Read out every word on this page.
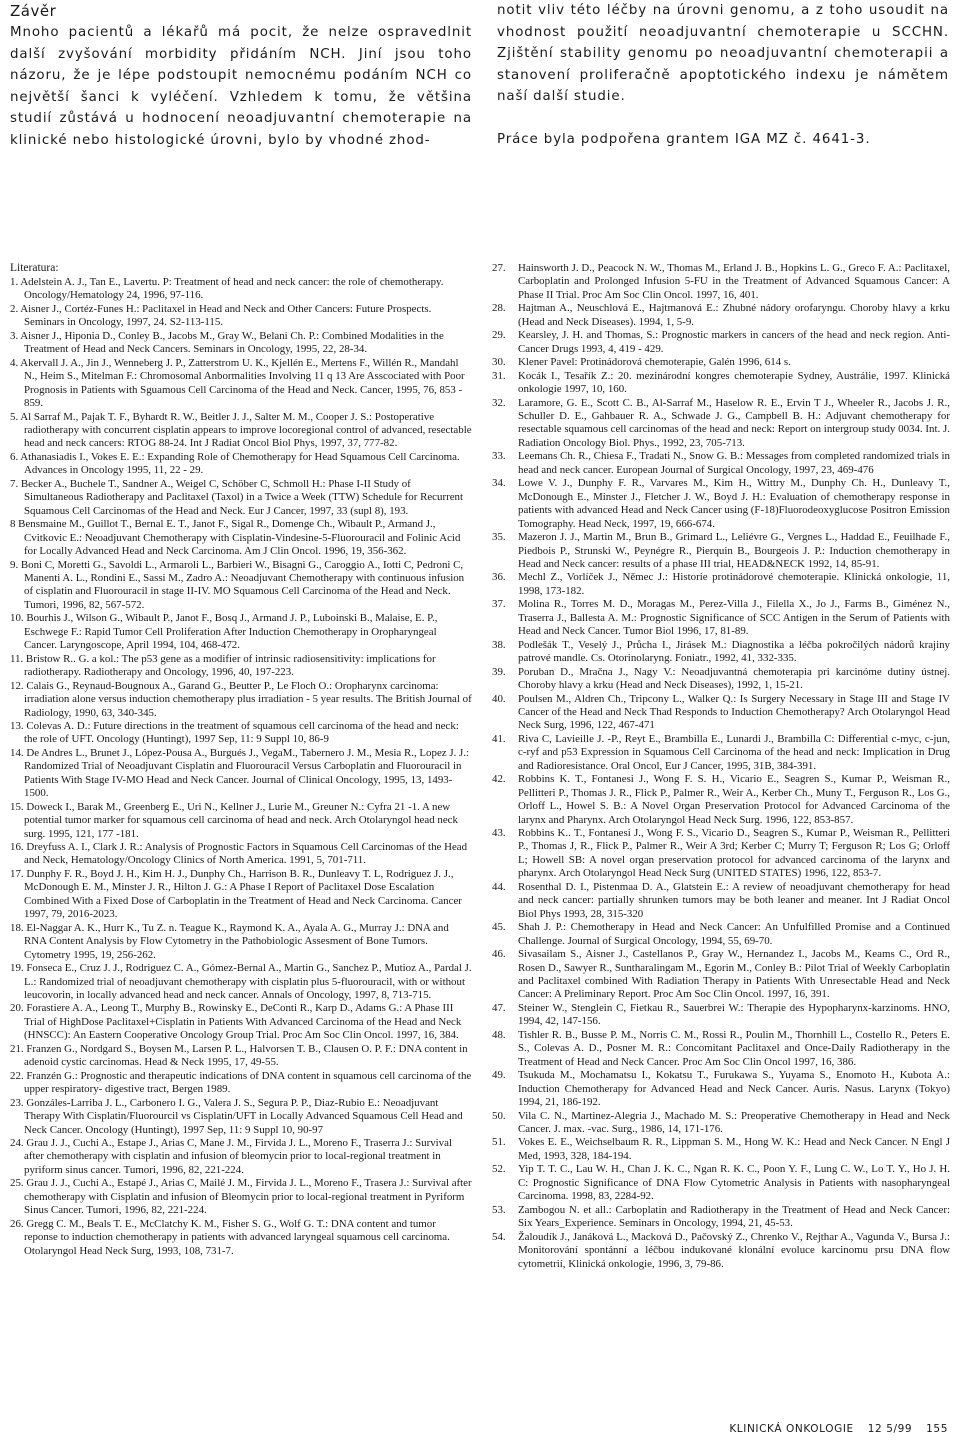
Závěr

Mnoho pacientů a lékařů má pocit, že nelze ospravedlnit další zvyšování morbidity přidáním NCH. Jiní jsou toho názoru, že je lépe podstoupit nemocnému podáním NCH co největší šanci k vyléčení. Vzhledem k tomu, že většina studií zůstává u hodnocení neoadjuvantní chemoterapie na klinické nebo histologické úrovni, bylo by vhodné zhod-

notit vliv této léčby na úrovni genomu, a z toho usoudit na vhodnost použití neoadjuvantní chemoterapie u SCCHN. Zjištění stability genomu po neoadjuvantní chemoterapii a stanovení proliferačně apoptotického indexu je námětem naší další studie.

Práce byla podpořena grantem IGA MZ č. 4641-3.

Literatura:
1. Adelstein A. J., Tan E., Lavertu. P: Treatment of head and neck cancer: the role of chemotherapy. Oncology/Hematology 24, 1996, 97-116.
2. Aisner J., Cortéz-Funes H.: Paclitaxel in Head and Neck and Other Cancers: Future Prospects. Seminars in Oncology, 1997, 24. S2-113-115.
3. Aisner J., Hiponia D., Conley B., Jacobs M., Gray W., Belani Ch. P.: Combined Modalities in the Treatment of Head and Neck Cancers. Seminars in Oncology, 1995, 22, 28-34.
4. Akervall J. A., Jin J., Wenneberg J. P., Zatterstrom U. K., Kjellén E., Mertens F., Willén R., Mandahl N., Heim S., Mitelman F.: Chromosomal Anbormalities Involving 11 q 13 Are Asscociated with Poor Prognosis in Patients with Sguamous Cell Carcinoma of the Head and Neck. Cancer, 1995, 76, 853 - 859.
5. Al Sarraf M., Pajak T. F., Byhardt R. W., Beitler J. J., Salter M. M., Cooper J. S.: Postoperative radiotherapy with concurrent cisplatin appears to improve locoregional control of advanced, resectable head and neck cancers: RTOG 88-24. Int J Radiat Oncol Biol Phys, 1997, 37, 777-82.
6. Athanasiadis I., Vokes E. E.: Expanding Role of Chemotherapy for Head Squamous Cell Carcinoma. Advances in Oncology 1995, 11, 22 - 29.
7. Becker A., Buchele T., Sandner A., Weigel C, Schöber C, Schmoll H.: Phase I-II Study of Simultaneous Radiotherapy and Paclitaxel (Taxol) in a Twice a Week (TTW) Schedule for Recurrent Squamous Cell Carcinomas of the Head and Neck. Eur J Cancer, 1997, 33 (supl 8), 193.
8 Bensmaine M., Guillot T., Bernal E. T., Janot F., Sigal R., Domenge Ch., Wibault P., Armand J., Cvitkovic E.: Neoadjuvant Chemotherapy with Cisplatin-Vindesine-5-Fluorouracil and Folinic Acid for Locally Advanced Head and Neck Carcinoma. Am J Clin Oncol. 1996, 19, 356-362.
9. Boni C, Moretti G., Savoldi L., Armaroli L., Barbieri W., Bisagni G., Caroggio A., Iotti C, Pedroni C, Manenti A. L., Rondini E., Sassi M., Zadro A.: Neoadjuvant Chemotherapy with continuous infusion of cisplatin and Fluorouracil in stage II-IV. MO Squamous Cell Carcinoma of the Head and Neck. Tumori, 1996, 82, 567-572.
10. Bourhis J., Wilson G., Wibault P., Janot F., Bosq J., Armand J. P., Luboinski B., Malaise, E. P., Eschwege F.: Rapid Tumor Cell Proliferation After Induction Chemotherapy in Oropharyngeal Cancer. Laryngoscope, April 1994, 104, 468-472.
11. Bristow R.. G. a kol.: The p53 gene as a modifier of intrinsic radiosensitivity: implications for radiotherapy. Radiotherapy and Oncology, 1996, 40, 197-223.
12. Calais G., Reynaud-Bougnoux A., Garand G., Beutter P., Le Floch O.: Oropharynx carcinoma: irradiation alone versus induction chemotherapy plus irradiation - 5 year results. The British Journal of Radiology, 1990, 63, 340-345.
13. Colevas A. D.: Future directions in the treatment of squamous cell carcinoma of the head and neck: the role of UFT. Oncology (Huntingt), 1997 Sep, 11: 9 Suppl 10, 86-9
14. De Andres L., Brunet J., López-Pousa A., Burgués J., VegaM., Tabernero J. M., Mesia R., Lopez J. J.: Randomized Trial of Neoadjuvant Cisplatin and Fluorouracil Versus Carboplatin and Fluorouracil in Patients With Stage IV-MO Head and Neck Cancer. Journal of Clinical Oncology, 1995, 13, 1493-1500.
15. Doweck I., Barak M., Greenberg E., Uri N., Kellner J., Lurie M., Greuner N.: Cyfra 21 -1. A new potential tumor marker for squamous cell carcinoma of head and neck. Arch Otolaryngol head neck surg. 1995, 121, 177 -181.
16. Dreyfuss A. I., Clark J. R.: Analysis of Prognostic Factors in Squamous Cell Carcinomas of the Head and Neck, Hematology/Oncology Clinics of North America. 1991, 5, 701-711.
17. Dunphy F. R., Boyd J. H., Kim H. J., Dunphy Ch., Harrison B. R., Dunleavy T. L, Rodriguez J. J., McDonough E. M., Minster J. R., Hilton J. G.: A Phase I Report of Paclitaxel Dose Escalation Combined With a Fixed Dose of Carboplatin in the Treatment of Head and Neck Carcinoma. Cancer 1997, 79, 2016-2023.
18. El-Naggar A. K., Hurr K., Tu Z. n. Teague K., Raymond K. A., Ayala A. G., Murray J.: DNA and RNA Content Analysis by Flow Cytometry in the Pathobiologic Assesment of Bone Tumors. Cytometry 1995, 19, 256-262.
19. Fonseca E., Cruz J. J., Rodriguez C. A., Gómez-Bernal A., Martin G., Sanchez P., Mutioz A., Pardal J. L.: Randomized trial of neoadjuvant chemotherapy with cisplatin plus 5-fluorouracil, with or without leucovorin, in locally advanced head and neck cancer. Annals of Oncology, 1997, 8, 713-715.
20. Forastiere A. A., Leong T., Murphy B., Rowinsky E., DeConti R., Karp D., Adams G.: A Phase III Trial of HighDose Paclitaxel+Cisplatin in Patients With Advanced Carcinoma of the Head and Neck (HNSCC): An Eastern Cooperative Oncology Group Trial. Proc Am Soc Clin Oncol. 1997, 16, 384.
21. Franzen G., Nordgard S., Boysen M., Larsen P. L., Halvorsen T. B., Clausen O. P. F.: DNA content in adenoid cystic carcinomas. Head & Neck 1995, 17, 49-55.
22. Franzén G.: Prognostic and therapeutic indications of DNA content in squamous cell carcinoma of the upper respiratory- digestive tract, Bergen 1989.
23. Gonzáles-Larriba J. L., Carbonero I. G., Valera J. S., Segura P. P., Diaz-Rubio E.: Neoadjuvant Therapy With Cisplatin/Fluorourcil vs Cisplatin/UFT in Locally Advanced Squamous Cell Head and Neck Cancer. Oncology (Huntingt), 1997 Sep, 11: 9 Suppl 10, 90-97
24. Grau J. J., Cuchi A., Estape J., Arias C, Mane J. M., Firvida J. L., Moreno F., Traserra J.: Survival after chemotherapy with cisplatin and infusion of bleomycin prior to local-regional treatment in pyriform sinus cancer. Tumori, 1996, 82, 221-224.
25. Grau J. J., Cuchi A., Estapé J., Arias C, Mailé J. M., Firvida J. L., Moreno F., Trasera J.: Survival after chemotherapy with Cisplatin and infusion of Bleomycin prior to local-regional treatment in Pyriform Sinus Cancer. Tumori, 1996, 82, 221-224.
26. Gregg C. M., Beals T. E., McClatchy K. M., Fisher S. G., Wolf G. T.: DNA content and tumor reponse to induction chemotherapy in patients with advanced laryngeal squamous cell carcinoma. Otolaryngol Head Neck Surg, 1993, 108, 731-7.
27.	Hainsworth J. D., Peacock N. W., Thomas M., Erland J. B., Hopkins L. G., Greco F. A.: Paclitaxel, Carboplatin and Prolonged Infusion 5-FU in the Treatment of Advanced Squamous Cancer: A Phase II Trial. Proc Am Soc Clin Oncol. 1997, 16, 401.
28.	Hajtman A., Neuschlová E., Hajtmanová E.: Zhubné nádory orofaryngu. Choroby hlavy a krku (Head and Neck Diseases). 1994, 1, 5-9.
29.	Kearsley, J. H. and Thomas, S.: Prognostic markers in cancers of the head and neck region. Anti-Cancer Drugs 1993, 4, 419 - 429.
30.	Klener Pavel: Protinádorová chemoterapie, Galén 1996, 614 s.
31.	Kocák I., Tesařík Z.: 20. mezinárodní kongres chemoterapie Sydney, Austrálie, 1997. Klinická onkologie 1997, 10, 160.
32.	Laramore, G. E., Scott C. B., Al-Sarraf M., Haselow R. E., Ervin T J., Wheeler R., Jacobs J. R., Schuller D. E., Gahbauer R. A., Schwade J. G., Campbell B. H.: Adjuvant chemotherapy for resectable squamous cell carcinomas of the head and neck: Report on intergroup study 0034. Int. J. Radiation Oncology Biol. Phys., 1992, 23, 705-713.
33.	Leemans Ch. R., Chiesa F., Tradati N., Snow G. B.: Messages from completed randomized trials in head and neck cancer. European Journal of Surgical Oncology, 1997, 23, 469-476
34.	Lowe V. J., Dunphy F. R., Varvares M., Kim H., Wittry M., Dunphy Ch. H., Dunleavy T., McDonough E., Minster J., Fletcher J. W., Boyd J. H.: Evaluation of chemotherapy response in patients with advanced Head and Neck Cancer using (F-18)Fluorodeoxyglucose Positron Emission Tomography. Head Neck, 1997, 19, 666-674.
35.	Mazeron J. J., Martin M., Brun B., Grimard L., Leliévre G., Vergnes L., Haddad E., Feuilhade F., Piedbois P., Strunski W., Peynégre R., Pierquin B., Bourgeois J. P.: Induction chemotherapy in Head and Neck cancer: results of a phase III trial, HEAD&NECK 1992, 14, 85-91.
36.	Mechl Z., Vorlíček J., Němec J.: Historie protinádorové chemoterapie. Klinická onkologie, 11, 1998, 173-182.
37.	Molina R., Torres M. D., Moragas M., Perez-Villa J., Filella X., Jo J., Farms B., Giménez N., Traserra J., Ballesta A. M.: Prognostic Significance of SCC Antigen in the Serum of Patients with Head and Neck Cancer. Tumor Biol 1996, 17, 81-89.
38.	Podlešák T., Veselý J., Průcha I., Jirásek M.: Diagnostika a léčba pokročilých nádorů krajiny patrové mandle. Cs. Otorinolaryng. Foniatr., 1992, 41, 332-335.
39.	Poruban D., Mračna J., Nagy V.: Neoadjuvantná chemoterapia pri karcinóme dutiny ústnej. Choroby hlavy a krku (Head and Neck Diseases), 1992, 1, 15-21.
40.	Poulsen M., Aldren Ch., Tripcony L., Walker Q.: Is Surgery Necessary in Stage III and Stage IV Cancer of the Head and Neck Thad Responds to Induction Chemotherapy? Arch Otolaryngol Head Neck Surg, 1996, 122, 467-471
41.	Riva C, Lavieille J. -P., Reyt E., Brambilla E., Lunardi J., Brambilla C: Differential c-myc, c-jun, c-ryf and p53 Expression in Squamous Cell Carcinoma of the head and neck: Implication in Drug and Radioresistance. Oral Oncol, Eur J Cancer, 1995, 31B, 384-391.
42.	Robbins K. T., Fontanesi J., Wong F. S. H., Vicario E., Seagren S., Kumar P., Weisman R., Pellitteri P., Thomas J. R., Flick P., Palmer R., Weir A., Kerber Ch., Muny T., Ferguson R., Los G., Orloff L., Howel S. B.: A Novel Organ Preservation Protocol for Advanced Carcinoma of the larynx and Pharynx. Arch Otolaryngol Head Neck Surg. 1996, 122, 853-857.
43.	Robbins K.. T., Fontanesi J., Wong F. S., Vicario D., Seagren S., Kumar P., Weisman R., Pellitteri P., Thomas J, R., Flick P., Palmer R., Weir A 3rd; Kerber C; Murry T; Ferguson R; Los G; Orloff L; Howell SB: A novel organ preservation protocol for advanced carcinoma of the larynx and pharynx. Arch Otolaryngol Head Neck Surg (UNITED STATES) 1996, 122, 853-7.
44.	Rosenthal D. I., Pistenmaa D. A., Glatstein E.: A review of neoadjuvant chemotherapy for head and neck cancer: partially shrunken tumors may be both leaner and meaner. Int J Radiat Oncol Biol Phys 1993, 28, 315-320
45.	Shah J. P.: Chemotherapy in Head and Neck Cancer: An Unfulfilled Promise and a Continued Challenge. Journal of Surgical Oncology, 1994, 55, 69-70.
46.	Sivasailam S., Aisner J., Castellanos P., Gray W., Hernandez I., Jacobs M., Keams C., Ord R., Rosen D., Sawyer R., Suntharalingam M., Egorin M., Conley B.: Pilot Trial of Weekly Carboplatin and Paclitaxel combined With Radiation Therapy in Patients With Unresectable Head and Neck Cancer: A Preliminary Report. Proc Am Soc Clin Oncol. 1997, 16, 391.
47.	Steiner W., Stenglein C, Fietkau R., Sauerbrei W.: Therapie des Hypopharynx-karzinoms. HNO, 1994, 42, 147-156.
48.	Tishler R. B., Busse P. M., Norris C. M., Rossi R., Poulin M., Thornhill L., Costello R., Peters E. S., Colevas A. D., Posner M. R.: Concomitant Paclitaxel and Once-Daily Radiotherapy in the Treatment of Head and Neck Cancer. Proc Am Soc Clin Oncol 1997, 16, 386.
49.	Tsukuda M., Mochamatsu I., Kokatsu T., Furukawa S., Yuyama S., Enomoto H., Kubota A.: Induction Chemotherapy for Advanced Head and Neck Cancer. Auris. Nasus. Larynx (Tokyo) 1994, 21, 186-192.
50.	Vila C. N., Martinez-Alegria J., Machado M. S.: Preoperative Chemotherapy in Head and Neck Cancer. J. max. -vac. Surg., 1986, 14, 171-176.
51.	Vokes E. E., Weichselbaum R. R., Lippman S. M., Hong W. K.: Head and Neck Cancer. N Engl J Med, 1993, 328, 184-194.
52.	Yip T. T. C., Lau W. H., Chan J. K. C., Ngan R. K. C., Poon Y. F., Lung C. W., Lo T. Y., Ho J. H. C: Prognostic Significance of DNA Flow Cytometric Analysis in Patients with nasopharyngeal Carcinoma. 1998, 83, 2284-92.
53.	Zambogou N. et all.: Carboplatin and Radiotherapy in the Treatment of Head and Neck Cancer: Six Years_Experience. Seminars in Oncology, 1994, 21, 45-53.
54.	Žaloudík J., Janáková L., Macková D., Pačovský Z., Chrenko V., Rejthar A., Vagunda V., Bursa J.: Monitorování spontánní a léčbou indukované klonální evoluce karcinomu prsu DNA flow cytometrií, Klinická onkologie, 1996, 3, 79-86.
KLINICKÁ ONKOLOGIE 12 5/99 155
